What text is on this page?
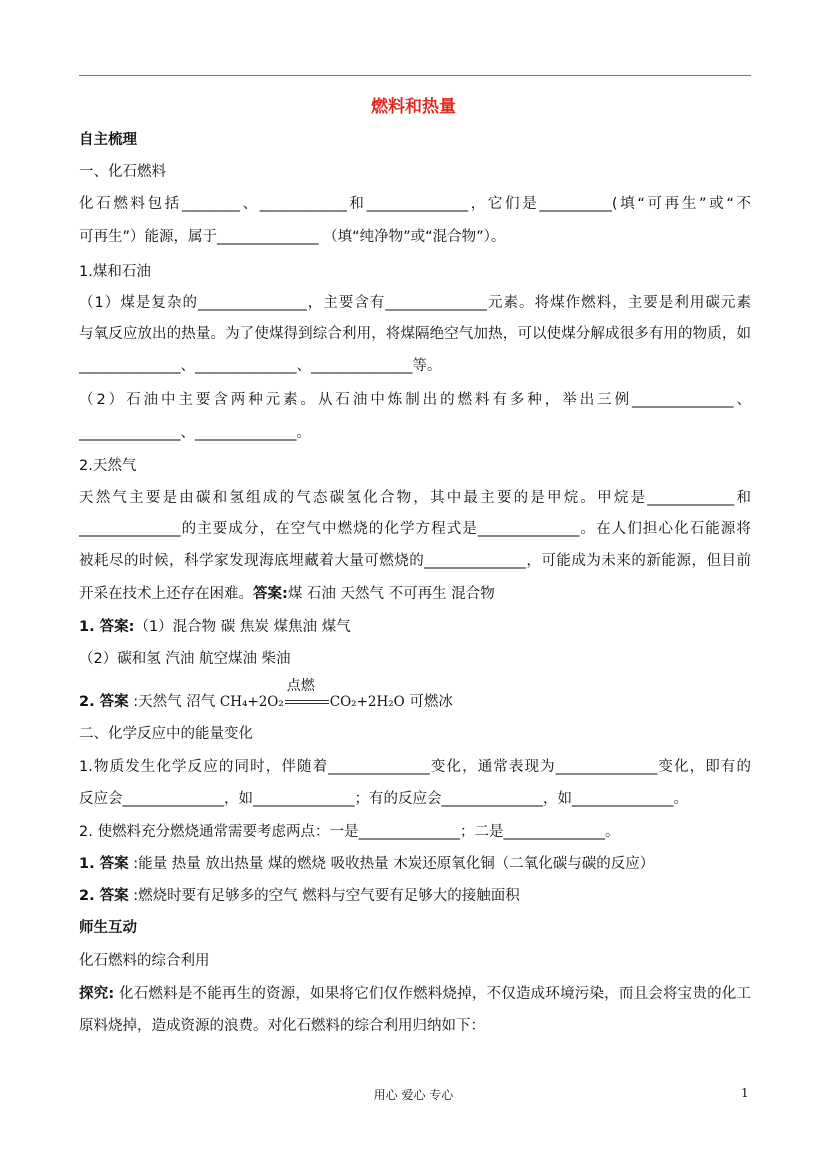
燃料和热量
自主梳理
一、化石燃料
化石燃料包括________、____________和______________，它们是__________(填“可再生”或“不
可再生”）能源，属于______________ （填“纯净物”或“混合物”）。
1.煤和石油
（1）煤是复杂的_______________，主要含有______________元素。将煤作燃料，主要是利用碳元素
与氧反应放出的热量。为了使煤得到综合利用，将煤隔绝空气加热，可以使煤分解成很多有用的物质，如
______________、______________、______________等。
（2）石油中主要含两种元素。从石油中炼制出的燃料有多种，举出三例______________、
______________、______________。
2.天然气
天然气主要是由碳和氢组成的气态碳氢化合物，其中最主要的是甲烷。甲烷是____________和
______________的主要成分，在空气中燃烧的化学方程式是______________。在人们担心化石能源将
被耗尽的时候，科学家发现海底埋藏着大量可燃烧的______________，可能成为未来的新能源，但目前
开采在技术上还存在困难。答案:煤 石油 天然气 不可再生 混合物
1. 答案:（1）混合物 碳 焦炭 煤焦油 煤气
（2）碳和氢 汽油 航空煤油 柴油
2. 答案 :天然气 沼气 CH₄+2O₂
点燃
CO₂+2H₂O 可燃冰
二、化学反应中的能量变化
1.物质发生化学反应的同时，伴随着______________变化，通常表现为______________变化，即有的
反应会______________，如______________；有的反应会______________，如______________。
2. 使燃料充分燃烧通常需要考虑两点：一是______________；二是______________。
1. 答案 :能量 热量 放出热量 煤的燃烧 吸收热量 木炭还原氧化铜（二氧化碳与碳的反应）
2. 答案 :燃烧时要有足够多的空气 燃料与空气要有足够大的接触面积
师生互动
化石燃料的综合利用
探究: 化石燃料是不能再生的资源，如果将它们仅作燃料烧掉，不仅造成环境污染，而且会将宝贵的化工
原料烧掉，造成资源的浪费。对化石燃料的综合利用归纳如下：
用心 爱心 专心	1
